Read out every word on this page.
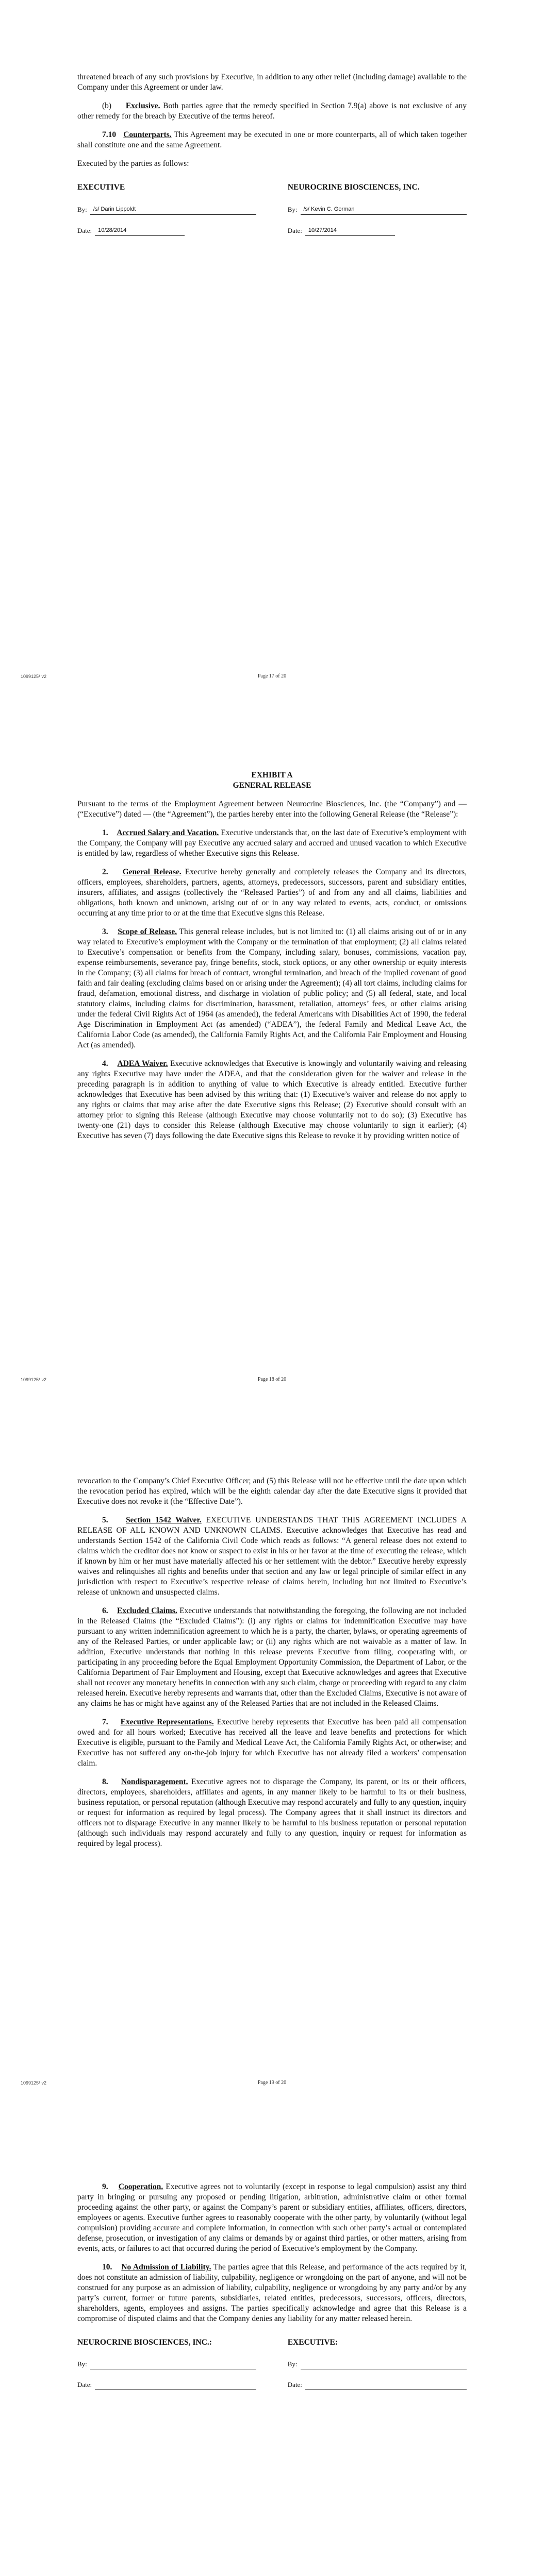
threatened breach of any such provisions by Executive, in addition to any other relief (including damage) available to the Company under this Agreement or under law.

(b) Exclusive. Both parties agree that the remedy specified in Section 7.9(a) above is not exclusive of any other remedy for the breach by Executive of the terms hereof.

7.10 Counterparts. This Agreement may be executed in one or more counterparts, all of which taken together shall constitute one and the same Agreement.

Executed by the parties as follows:

EXECUTIVE
By:	/s/ Darin Lippoldt
Date:	10/28/2014
NEUROCRINE BIOSCIENCES, INC.
By:	/s/ Kevin C. Gorman
Date:	10/27/2014
1099125¹ v2	Page 17 of 20

EXHIBIT A

GENERAL RELEASE

Pursuant to the terms of the Employment Agreement between Neurocrine Biosciences, Inc. (the “Company”) and — (“Executive”) dated — (the “Agreement”), the parties hereby enter into the following General Release (the “Release”):

1. Accrued Salary and Vacation. Executive understands that, on the last date of Executive’s employment with the Company, the Company will pay Executive any accrued salary and accrued and unused vacation to which Executive is entitled by law, regardless of whether Executive signs this Release.

2. General Release. Executive hereby generally and completely releases the Company and its directors, officers, employees, shareholders, partners, agents, attorneys, predecessors, successors, parent and subsidiary entities, insurers, affiliates, and assigns (collectively the “Released Parties”) of and from any and all claims, liabilities and obligations, both known and unknown, arising out of or in any way related to events, acts, conduct, or omissions occurring at any time prior to or at the time that Executive signs this Release.

3. Scope of Release. This general release includes, but is not limited to: (1) all claims arising out of or in any way related to Executive’s employment with the Company or the termination of that employment; (2) all claims related to Executive’s compensation or benefits from the Company, including salary, bonuses, commissions, vacation pay, expense reimbursements, severance pay, fringe benefits, stock, stock options, or any other ownership or equity interests in the Company; (3) all claims for breach of contract, wrongful termination, and breach of the implied covenant of good faith and fair dealing (excluding claims based on or arising under the Agreement); (4) all tort claims, including claims for fraud, defamation, emotional distress, and discharge in violation of public policy; and (5) all federal, state, and local statutory claims, including claims for discrimination, harassment, retaliation, attorneys’ fees, or other claims arising under the federal Civil Rights Act of 1964 (as amended), the federal Americans with Disabilities Act of 1990, the federal Age Discrimination in Employment Act (as amended) (“ADEA”), the federal Family and Medical Leave Act, the California Labor Code (as amended), the California Family Rights Act, and the California Fair Employment and Housing Act (as amended).

4. ADEA Waiver. Executive acknowledges that Executive is knowingly and voluntarily waiving and releasing any rights Executive may have under the ADEA, and that the consideration given for the waiver and release in the preceding paragraph is in addition to anything of value to which Executive is already entitled. Executive further acknowledges that Executive has been advised by this writing that: (1) Executive’s waiver and release do not apply to any rights or claims that may arise after the date Executive signs this Release; (2) Executive should consult with an attorney prior to signing this Release (although Executive may choose voluntarily not to do so); (3) Executive has twenty-one (21) days to consider this Release (although Executive may choose voluntarily to sign it earlier); (4) Executive has seven (7) days following the date Executive signs this Release to revoke it by providing written notice of

1099125¹ v2	Page 18 of 20

revocation to the Company’s Chief Executive Officer; and (5) this Release will not be effective until the date upon which the revocation period has expired, which will be the eighth calendar day after the date Executive signs it provided that Executive does not revoke it (the “Effective Date”).

5. Section 1542 Waiver. EXECUTIVE UNDERSTANDS THAT THIS AGREEMENT INCLUDES A RELEASE OF ALL KNOWN AND UNKNOWN CLAIMS. Executive acknowledges that Executive has read and understands Section 1542 of the California Civil Code which reads as follows: “A general release does not extend to claims which the creditor does not know or suspect to exist in his or her favor at the time of executing the release, which if known by him or her must have materially affected his or her settlement with the debtor.” Executive hereby expressly waives and relinquishes all rights and benefits under that section and any law or legal principle of similar effect in any jurisdiction with respect to Executive’s respective release of claims herein, including but not limited to Executive’s release of unknown and unsuspected claims.

6. Excluded Claims. Executive understands that notwithstanding the foregoing, the following are not included in the Released Claims (the “Excluded Claims”): (i) any rights or claims for indemnification Executive may have pursuant to any written indemnification agreement to which he is a party, the charter, bylaws, or operating agreements of any of the Released Parties, or under applicable law; or (ii) any rights which are not waivable as a matter of law. In addition, Executive understands that nothing in this release prevents Executive from filing, cooperating with, or participating in any proceeding before the Equal Employment Opportunity Commission, the Department of Labor, or the California Department of Fair Employment and Housing, except that Executive acknowledges and agrees that Executive shall not recover any monetary benefits in connection with any such claim, charge or proceeding with regard to any claim released herein. Executive hereby represents and warrants that, other than the Excluded Claims, Executive is not aware of any claims he has or might have against any of the Released Parties that are not included in the Released Claims.

7. Executive Representations. Executive hereby represents that Executive has been paid all compensation owed and for all hours worked; Executive has received all the leave and leave benefits and protections for which Executive is eligible, pursuant to the Family and Medical Leave Act, the California Family Rights Act, or otherwise; and Executive has not suffered any on-the-job injury for which Executive has not already filed a workers’ compensation claim.

8. Nondisparagement. Executive agrees not to disparage the Company, its parent, or its or their officers, directors, employees, shareholders, affiliates and agents, in any manner likely to be harmful to its or their business, business reputation, or personal reputation (although Executive may respond accurately and fully to any question, inquiry or request for information as required by legal process). The Company agrees that it shall instruct its directors and officers not to disparage Executive in any manner likely to be harmful to his business reputation or personal reputation (although such individuals may respond accurately and fully to any question, inquiry or request for information as required by legal process).

1099125¹ v2	Page 19 of 20

9. Cooperation. Executive agrees not to voluntarily (except in response to legal compulsion) assist any third party in bringing or pursuing any proposed or pending litigation, arbitration, administrative claim or other formal proceeding against the other party, or against the Company’s parent or subsidiary entities, affiliates, officers, directors, employees or agents. Executive further agrees to reasonably cooperate with the other party, by voluntarily (without legal compulsion) providing accurate and complete information, in connection with such other party’s actual or contemplated defense, prosecution, or investigation of any claims or demands by or against third parties, or other matters, arising from events, acts, or failures to act that occurred during the period of Executive’s employment by the Company.

10. No Admission of Liability. The parties agree that this Release, and performance of the acts required by it, does not constitute an admission of liability, culpability, negligence or wrongdoing on the part of anyone, and will not be construed for any purpose as an admission of liability, culpability, negligence or wrongdoing by any party and/or by any party’s current, former or future parents, subsidiaries, related entities, predecessors, successors, officers, directors, shareholders, agents, employees and assigns. The parties specifically acknowledge and agree that this Release is a compromise of disputed claims and that the Company denies any liability for any matter released herein.

NEUROCRINE BIOSCIENCES, INC.:
By:
Date:
EXECUTIVE:
By:
Date:
